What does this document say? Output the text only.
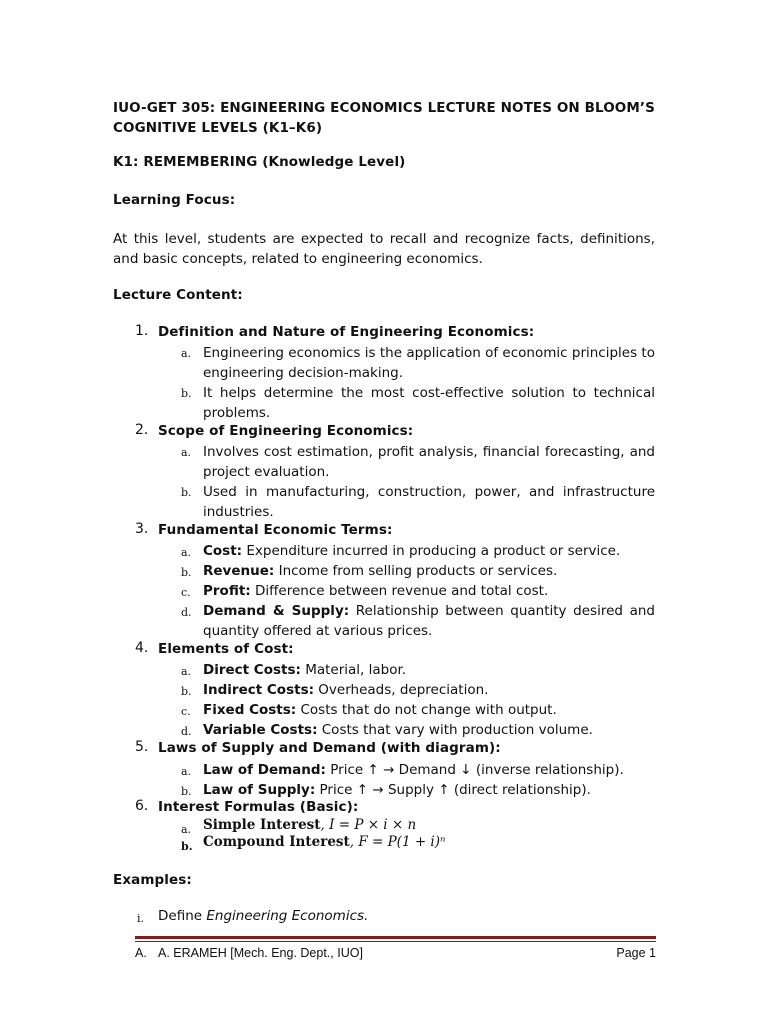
IUO-GET 305: ENGINEERING ECONOMICS LECTURE NOTES ON BLOOM’S COGNITIVE LEVELS (K1–K6)
K1: REMEMBERING (Knowledge Level)
Learning Focus:
At this level, students are expected to recall and recognize facts, definitions, and basic concepts, related to engineering economics.
Lecture Content:
1. Definition and Nature of Engineering Economics:
a. Engineering economics is the application of economic principles to engineering decision-making.
b. It helps determine the most cost-effective solution to technical problems.
2. Scope of Engineering Economics:
a. Involves cost estimation, profit analysis, financial forecasting, and project evaluation.
b. Used in manufacturing, construction, power, and infrastructure industries.
3. Fundamental Economic Terms:
a. Cost: Expenditure incurred in producing a product or service.
b. Revenue: Income from selling products or services.
c. Profit: Difference between revenue and total cost.
d. Demand & Supply: Relationship between quantity desired and quantity offered at various prices.
4. Elements of Cost:
a. Direct Costs: Material, labor.
b. Indirect Costs: Overheads, depreciation.
c. Fixed Costs: Costs that do not change with output.
d. Variable Costs: Costs that vary with production volume.
5. Laws of Supply and Demand (with diagram):
a. Law of Demand: Price ↑ → Demand ↓ (inverse relationship).
b. Law of Supply: Price ↑ → Supply ↑ (direct relationship).
6. Interest Formulas (Basic):
a. Simple Interest, I = P × i × n
b. Compound Interest, F = P(1 + i)ⁿ
Examples:
i. Define Engineering Economics.
A. A. ERAMEH [Mech. Eng. Dept., IUO]	Page 1
